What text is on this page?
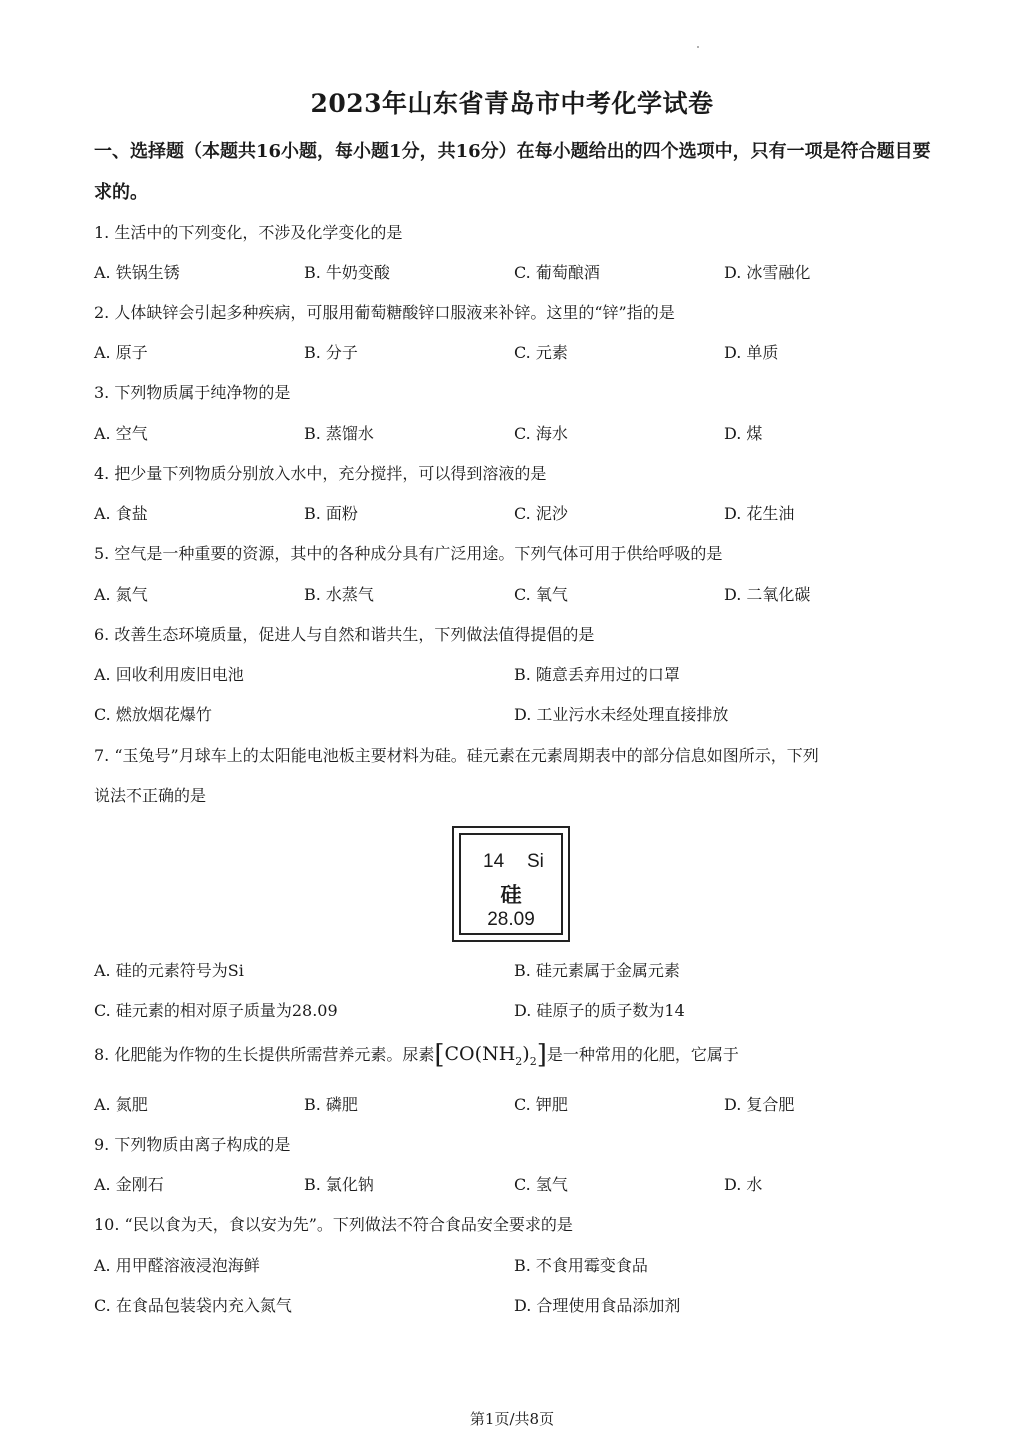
2023年山东省青岛市中考化学试卷
一、选择题（本题共16小题，每小题1分，共16分）在每小题给出的四个选项中，只有一项是符合题目要求的。
1. 生活中的下列变化，不涉及化学变化的是
A. 铁锅生锈	B. 牛奶变酸	C. 葡萄酿酒	D. 冰雪融化
2. 人体缺锌会引起多种疾病，可服用葡萄糖酸锌口服液来补锌。这里的“锌”指的是
A. 原子	B. 分子	C. 元素	D. 单质
3. 下列物质属于纯净物的是
A. 空气	B. 蒸馏水	C. 海水	D. 煤
4. 把少量下列物质分别放入水中，充分搅拌，可以得到溶液的是
A. 食盐	B. 面粉	C. 泥沙	D. 花生油
5. 空气是一种重要的资源，其中的各种成分具有广泛用途。下列气体可用于供给呼吸的是
A. 氮气	B. 水蒸气	C. 氧气	D. 二氧化碳
6. 改善生态环境质量，促进人与自然和谐共生，下列做法值得提倡的是
A. 回收利用废旧电池	B. 随意丢弃用过的口罩
C. 燃放烟花爆竹	D. 工业污水未经处理直接排放
7. “玉兔号”月球车上的太阳能电池板主要材料为硅。硅元素在元素周期表中的部分信息如图所示，下列
说法不正确的是
14 Si
硅
28.09
A. 硅的元素符号为Si	B. 硅元素属于金属元素
C. 硅元素的相对原子质量为28.09	D. 硅原子的质子数为14
8. 化肥能为作物的生长提供所需营养元素。尿素$[CO(NH_2)_2]$是一种常用的化肥，它属于
A. 氮肥	B. 磷肥	C. 钾肥	D. 复合肥
9. 下列物质由离子构成的是
A. 金刚石	B. 氯化钠	C. 氢气	D. 水
10. “民以食为天，食以安为先”。下列做法不符合食品安全要求的是
A. 用甲醛溶液浸泡海鲜	B. 不食用霉变食品
C. 在食品包装袋内充入氮气	D. 合理使用食品添加剂
第1页/共8页
